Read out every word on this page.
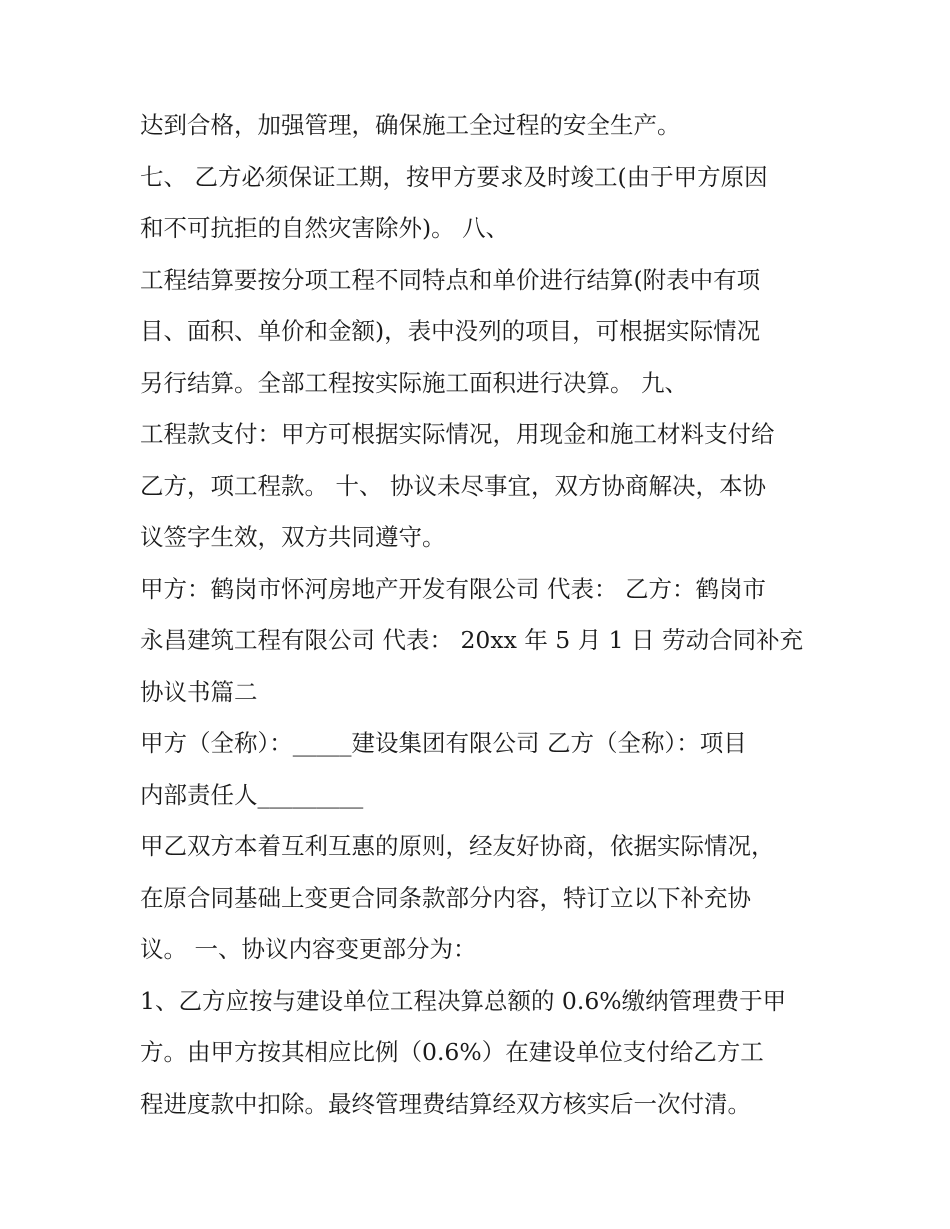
达到合格，加强管理，确保施工全过程的安全生产。
七、 乙方必须保证工期，按甲方要求及时竣工(由于甲方原因
和不可抗拒的自然灾害除外)。 八、
工程结算要按分项工程不同特点和单价进行结算(附表中有项
目、面积、单价和金额)，表中没列的项目，可根据实际情况
另行结算。全部工程按实际施工面积进行决算。 九、
工程款支付：甲方可根据实际情况，用现金和施工材料支付给
乙方，项工程款。 十、 协议未尽事宜，双方协商解决，本协
议签字生效，双方共同遵守。
甲方：鹤岗市怀河房地产开发有限公司 代表： 乙方：鹤岗市
永昌建筑工程有限公司 代表： 20xx 年 5 月 1 日 劳动合同补充
协议书篇二
甲方（全称）：_____建设集团有限公司 乙方（全称）：项目
内部责任人_________
甲乙双方本着互利互惠的原则，经友好协商，依据实际情况，
在原合同基础上变更合同条款部分内容，特订立以下补充协
议。 一、协议内容变更部分为：
1、乙方应按与建设单位工程决算总额的 0.6%缴纳管理费于甲
方。由甲方按其相应比例（0.6%）在建设单位支付给乙方工
程进度款中扣除。最终管理费结算经双方核实后一次付清。
